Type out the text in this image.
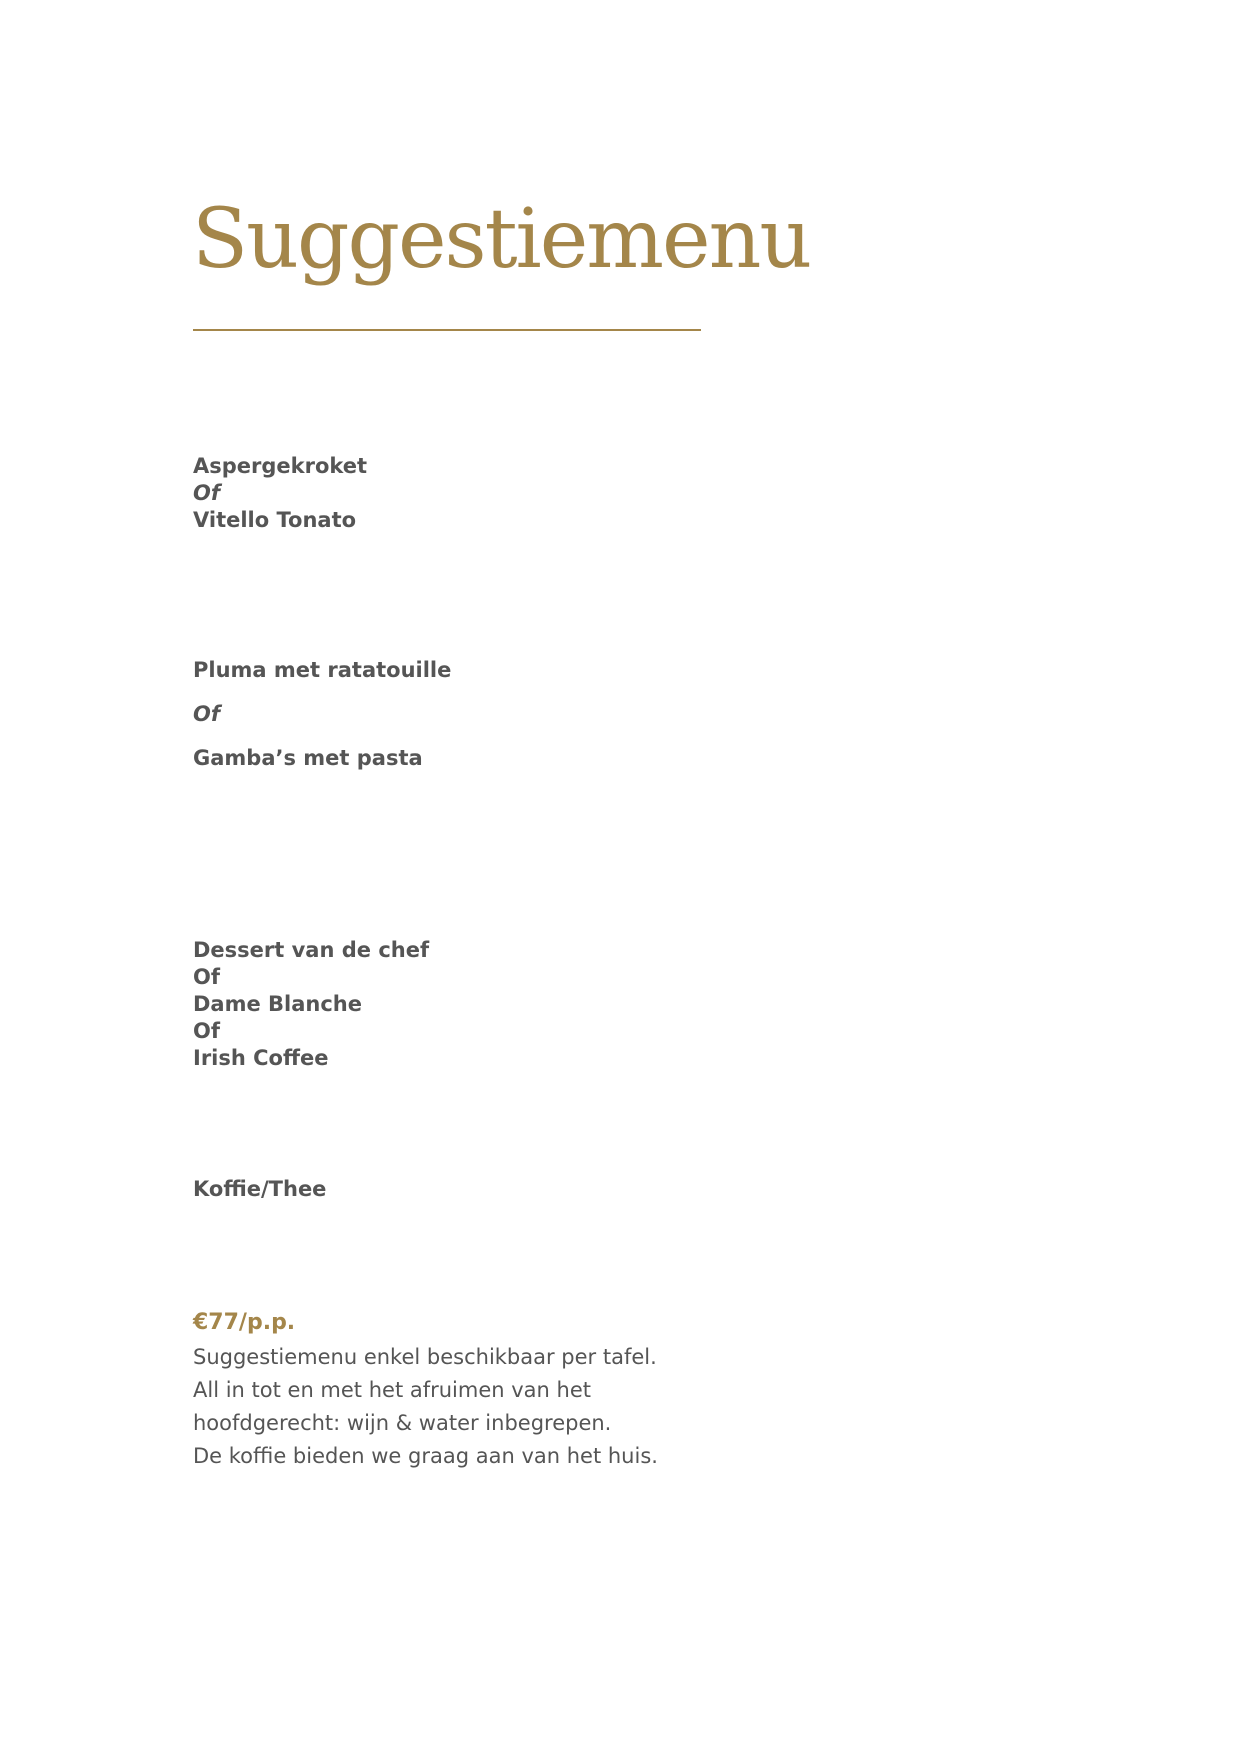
Suggestiemenu
Aspergekroket
Of
Vitello Tonato
Pluma met ratatouille
Of
Gamba’s met pasta
Dessert van de chef
Of
Dame Blanche
Of
Irish Coffee
Koffie/Thee

€77/p.p.

Suggestiemenu enkel beschikbaar per tafel.
All in tot en met het afruimen van het
hoofdgerecht: wijn & water inbegrepen.
De koffie bieden we graag aan van het huis.
